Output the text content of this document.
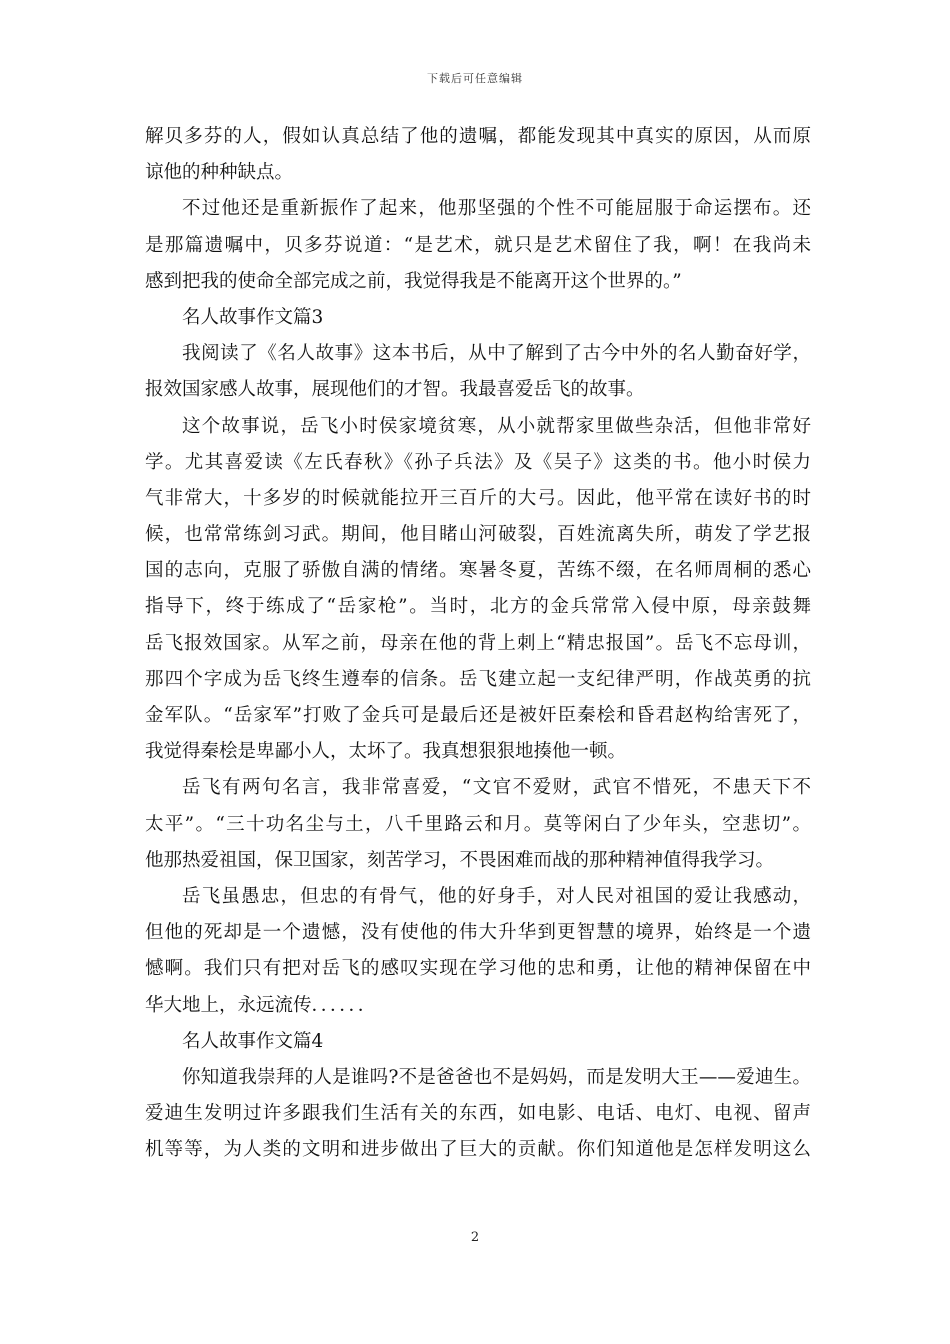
下载后可任意编辑
解贝多芬的人，假如认真总结了他的遗嘱，都能发现其中真实的原因，从而原
谅他的种种缺点。
不过他还是重新振作了起来，他那坚强的个性不可能屈服于命运摆布。还
是那篇遗嘱中，贝多芬说道：“是艺术，就只是艺术留住了我，啊！在我尚未
感到把我的使命全部完成之前，我觉得我是不能离开这个世界的。”
名人故事作文篇3
我阅读了《名人故事》这本书后，从中了解到了古今中外的名人勤奋好学，
报效国家感人故事，展现他们的才智。我最喜爱岳飞的故事。
这个故事说，岳飞小时侯家境贫寒，从小就帮家里做些杂活，但他非常好
学。尤其喜爱读《左氏春秋》《孙子兵法》及《吴子》这类的书。他小时侯力
气非常大，十多岁的时候就能拉开三百斤的大弓。因此，他平常在读好书的时
候，也常常练剑习武。期间，他目睹山河破裂，百姓流离失所，萌发了学艺报
国的志向，克服了骄傲自满的情绪。寒暑冬夏，苦练不缀，在名师周桐的悉心
指导下，终于练成了“岳家枪”。当时，北方的金兵常常入侵中原，母亲鼓舞
岳飞报效国家。从军之前，母亲在他的背上刺上“精忠报国”。岳飞不忘母训，
那四个字成为岳飞终生遵奉的信条。岳飞建立起一支纪律严明，作战英勇的抗
金军队。“岳家军”打败了金兵可是最后还是被奸臣秦桧和昏君赵构给害死了，
我觉得秦桧是卑鄙小人，太坏了。我真想狠狠地揍他一顿。
岳飞有两句名言，我非常喜爱，“文官不爱财，武官不惜死，不患天下不
太平”。“三十功名尘与土，八千里路云和月。莫等闲白了少年头，空悲切”。
他那热爱祖国，保卫国家，刻苦学习，不畏困难而战的那种精神值得我学习。
岳飞虽愚忠，但忠的有骨气，他的好身手，对人民对祖国的爱让我感动，
但他的死却是一个遗憾，没有使他的伟大升华到更智慧的境界，始终是一个遗
憾啊。我们只有把对岳飞的感叹实现在学习他的忠和勇，让他的精神保留在中
华大地上，永远流传．．．．．．
名人故事作文篇4
你知道我崇拜的人是谁吗?不是爸爸也不是妈妈，而是发明大王——爱迪生。
爱迪生发明过许多跟我们生活有关的东西，如电影、电话、电灯、电视、留声
机等等，为人类的文明和进步做出了巨大的贡献。你们知道他是怎样发明这么
2
